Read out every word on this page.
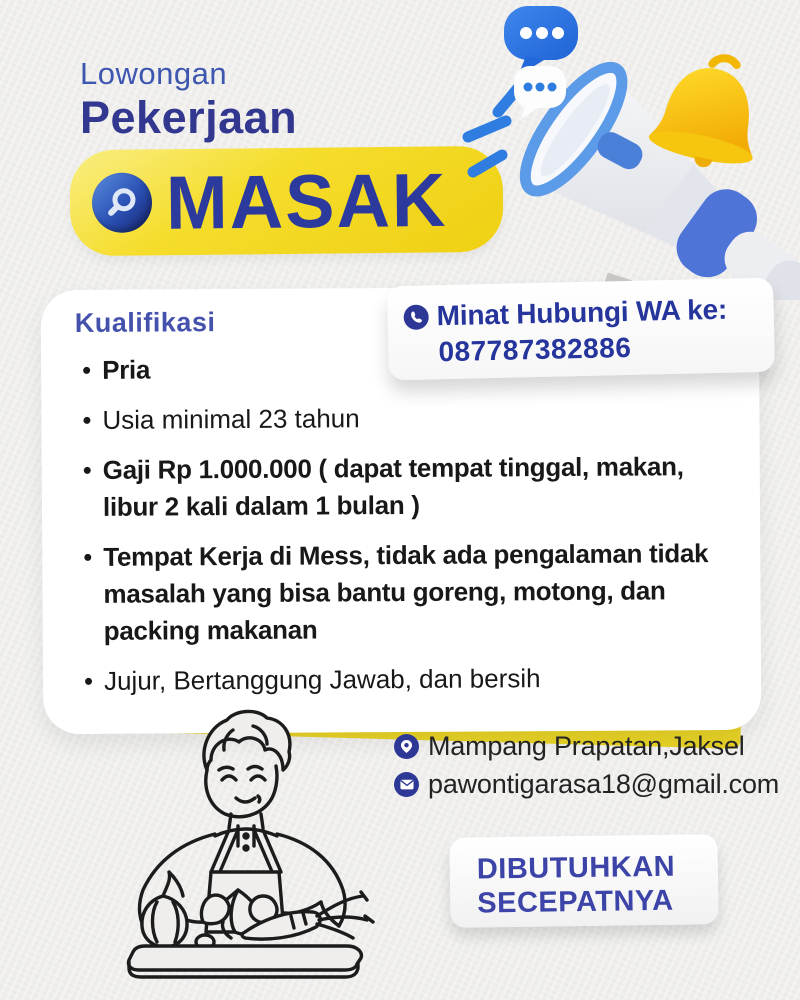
Lowongan
Pekerjaan
MASAK
Kualifikasi
Pria
Usia minimal 23 tahun
Gaji Rp 1.000.000 ( dapat tempat tinggal, makan, libur 2 kali dalam 1 bulan )
Tempat Kerja di Mess, tidak ada pengalaman tidak masalah yang bisa bantu goreng, motong, dan packing makanan
Jujur, Bertanggung Jawab, dan bersih
Minat Hubungi WA ke:
087787382886
Mampang Prapatan,Jaksel
pawontigarasa18@gmail.com
DIBUTUHKAN
SECEPATNYA
